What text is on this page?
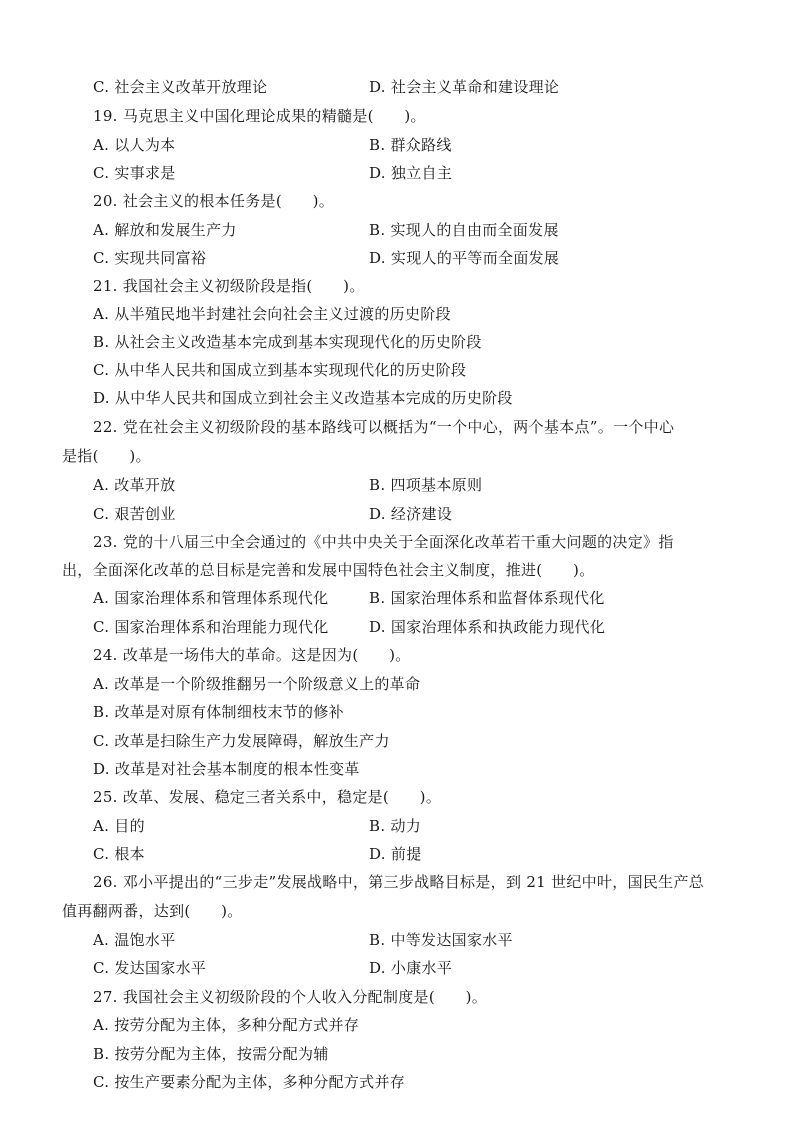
C. 社会主义改革开放理论	D. 社会主义革命和建设理论
19. 马克思主义中国化理论成果的精髓是(　　)。
A. 以人为本	B. 群众路线
C. 实事求是	D. 独立自主
20. 社会主义的根本任务是(　　)。
A. 解放和发展生产力	B. 实现人的自由而全面发展
C. 实现共同富裕	D. 实现人的平等而全面发展
21. 我国社会主义初级阶段是指(　　)。
A. 从半殖民地半封建社会向社会主义过渡的历史阶段
B. 从社会主义改造基本完成到基本实现现代化的历史阶段
C. 从中华人民共和国成立到基本实现现代化的历史阶段
D. 从中华人民共和国成立到社会主义改造基本完成的历史阶段
22. 党在社会主义初级阶段的基本路线可以概括为“一个中心，两个基本点”。一个中心
是指(　　)。
A. 改革开放	B. 四项基本原则
C. 艰苦创业	D. 经济建设
23. 党的十八届三中全会通过的《中共中央关于全面深化改革若干重大问题的决定》指
出，全面深化改革的总目标是完善和发展中国特色社会主义制度，推进(　　)。
A. 国家治理体系和管理体系现代化	B. 国家治理体系和监督体系现代化
C. 国家治理体系和治理能力现代化	D. 国家治理体系和执政能力现代化
24. 改革是一场伟大的革命。这是因为(　　)。
A. 改革是一个阶级推翻另一个阶级意义上的革命
B. 改革是对原有体制细枝末节的修补
C. 改革是扫除生产力发展障碍，解放生产力
D. 改革是对社会基本制度的根本性变革
25. 改革、发展、稳定三者关系中，稳定是(　　)。
A. 目的	B. 动力
C. 根本	D. 前提
26. 邓小平提出的“三步走”发展战略中，第三步战略目标是，到 21 世纪中叶，国民生产总
值再翻两番，达到(　　)。
A. 温饱水平	B. 中等发达国家水平
C. 发达国家水平	D. 小康水平
27. 我国社会主义初级阶段的个人收入分配制度是(　　)。
A. 按劳分配为主体，多种分配方式并存
B. 按劳分配为主体，按需分配为辅
C. 按生产要素分配为主体，多种分配方式并存
